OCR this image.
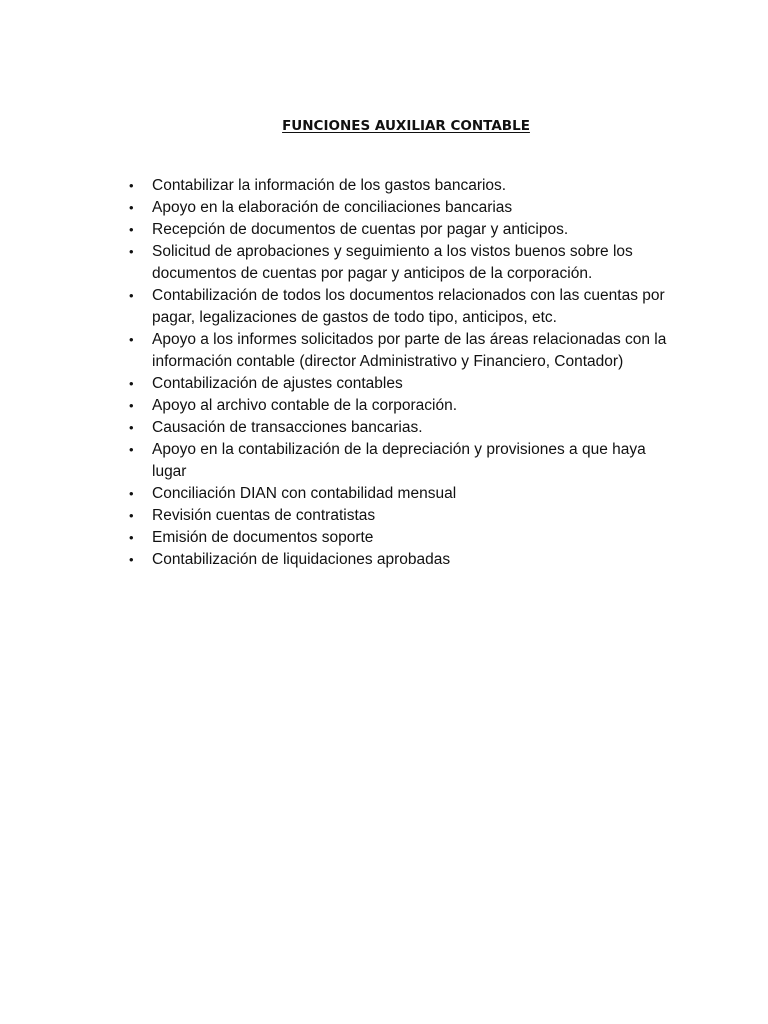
FUNCIONES AUXILIAR CONTABLE
• Contabilizar la información de los gastos bancarios.
• Apoyo en la elaboración de conciliaciones bancarias
• Recepción de documentos de cuentas por pagar y anticipos.
• Solicitud de aprobaciones y seguimiento a los vistos buenos sobre los documentos de cuentas por pagar y anticipos de la corporación.
• Contabilización de todos los documentos relacionados con las cuentas por pagar, legalizaciones de gastos de todo tipo, anticipos, etc.
• Apoyo a los informes solicitados por parte de las áreas relacionadas con la información contable (director Administrativo y Financiero, Contador)
• Contabilización de ajustes contables
• Apoyo al archivo contable de la corporación.
• Causación de transacciones bancarias.
• Apoyo en la contabilización de la depreciación y provisiones a que haya lugar
• Conciliación DIAN con contabilidad mensual
• Revisión cuentas de contratistas
• Emisión de documentos soporte
• Contabilización de liquidaciones aprobadas
